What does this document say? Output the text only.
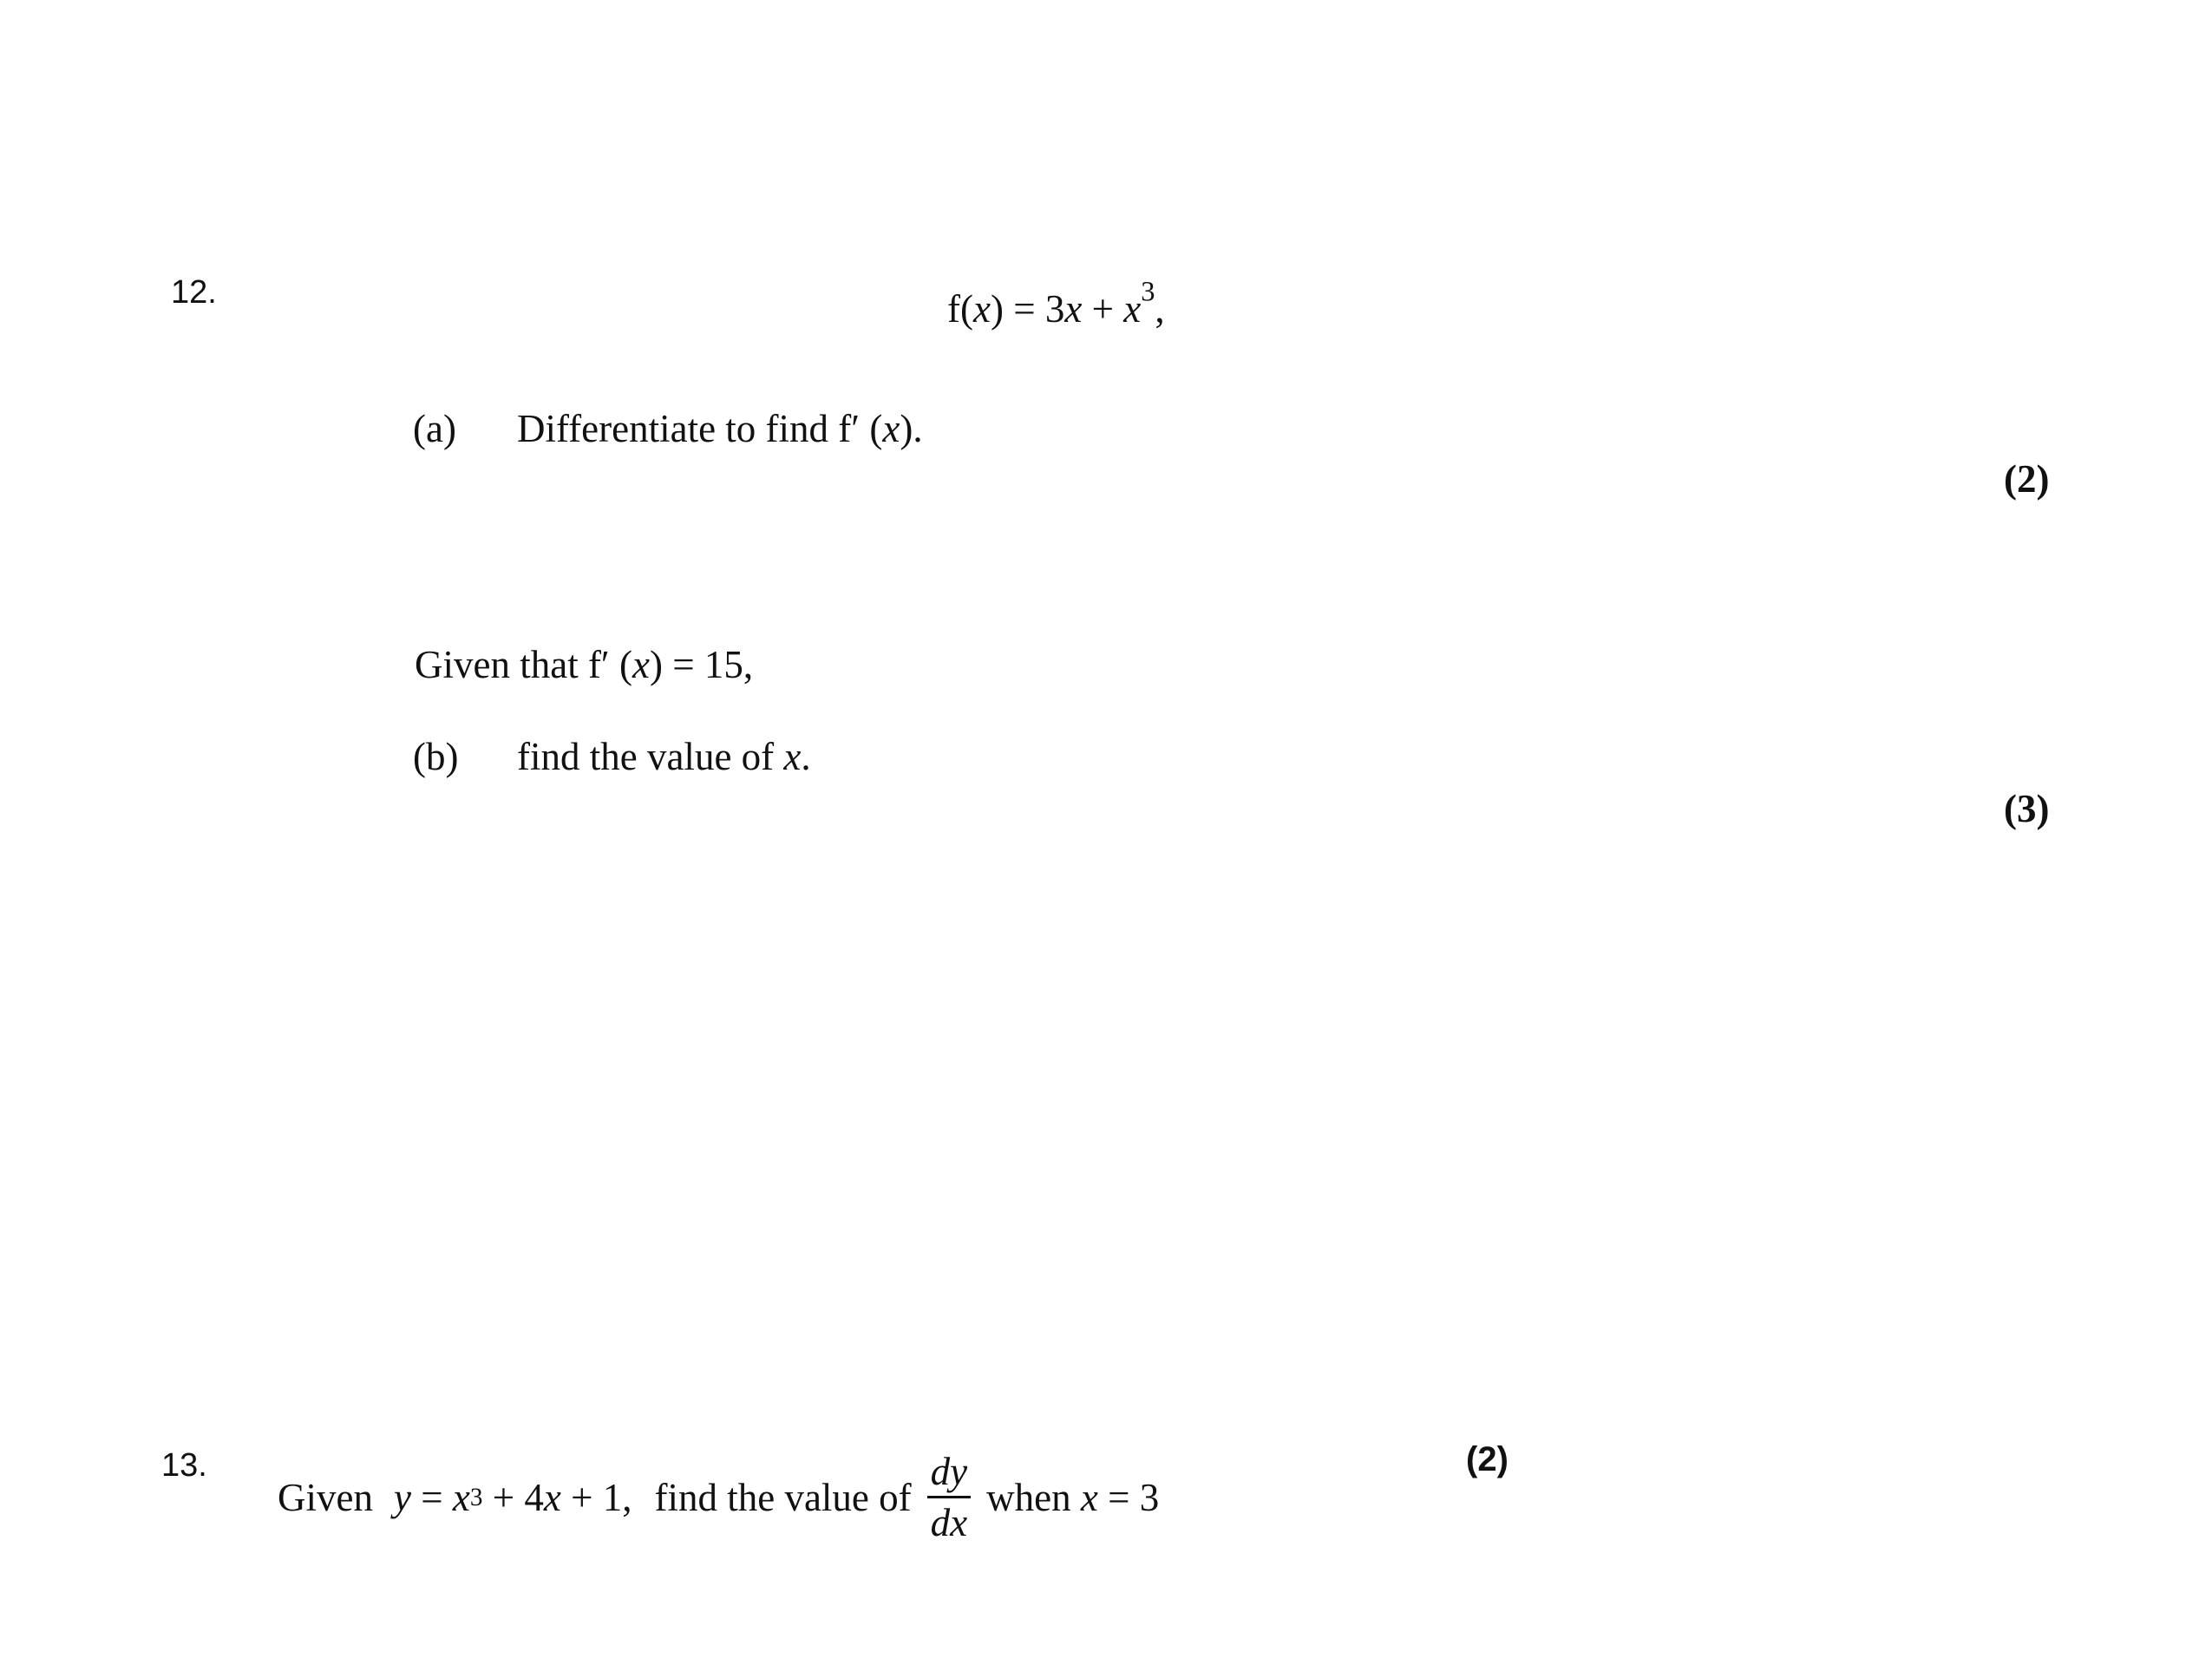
12.	$f(x) = 3x + x^3$,
(a) Differentiate to find f′ (x).
(2)
Given that f′ (x) = 15,
(b) find the value of x.
(3)
13.	(2)
Given y = x 3 + 4 x + 1, find the value of $\frac{dy}{dx}$ when x = 3
